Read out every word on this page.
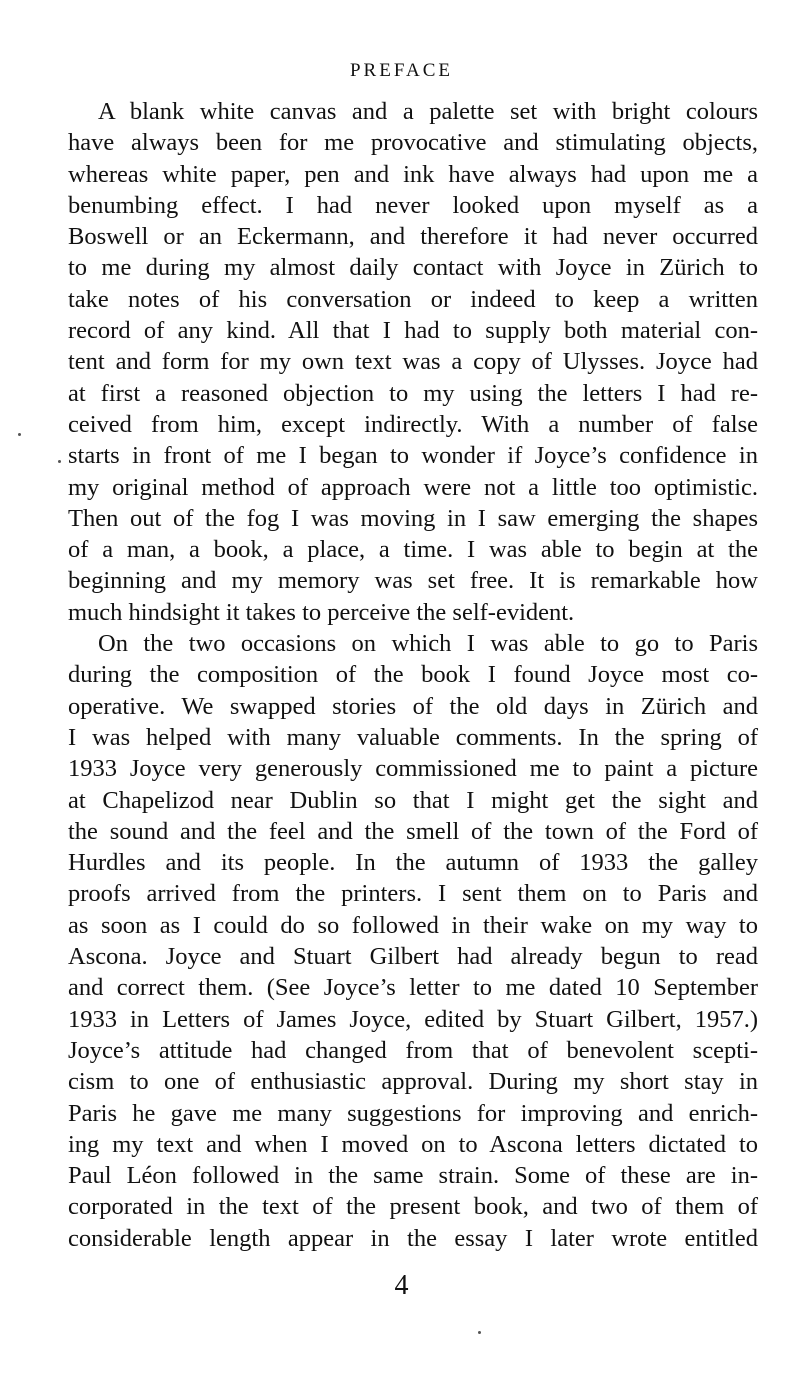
PREFACE
A blank white canvas and a palette set with bright colours
have always been for me provocative and stimulating objects,
whereas white paper, pen and ink have always had upon me a
benumbing effect. I had never looked upon myself as a
Boswell or an Eckermann, and therefore it had never occurred
to me during my almost daily contact with Joyce in Zürich to
take notes of his conversation or indeed to keep a written
record of any kind. All that I had to supply both material con-
tent and form for my own text was a copy of Ulysses. Joyce had
at first a reasoned objection to my using the letters I had re-
ceived from him, except indirectly. With a number of false
starts in front of me I began to wonder if Joyce’s confidence in
my original method of approach were not a little too optimistic.
Then out of the fog I was moving in I saw emerging the shapes
of a man, a book, a place, a time. I was able to begin at the
beginning and my memory was set free. It is remarkable how
much hindsight it takes to perceive the self-evident.
On the two occasions on which I was able to go to Paris
during the composition of the book I found Joyce most co-
operative. We swapped stories of the old days in Zürich and
I was helped with many valuable comments. In the spring of
1933 Joyce very generously commissioned me to paint a picture
at Chapelizod near Dublin so that I might get the sight and
the sound and the feel and the smell of the town of the Ford of
Hurdles and its people. In the autumn of 1933 the galley
proofs arrived from the printers. I sent them on to Paris and
as soon as I could do so followed in their wake on my way to
Ascona. Joyce and Stuart Gilbert had already begun to read
and correct them. (See Joyce’s letter to me dated 10 September
1933 in Letters of James Joyce, edited by Stuart Gilbert, 1957.)
Joyce’s attitude had changed from that of benevolent scepti-
cism to one of enthusiastic approval. During my short stay in
Paris he gave me many suggestions for improving and enrich-
ing my text and when I moved on to Ascona letters dictated to
Paul Léon followed in the same strain. Some of these are in-
corporated in the text of the present book, and two of them of
considerable length appear in the essay I later wrote entitled
4
